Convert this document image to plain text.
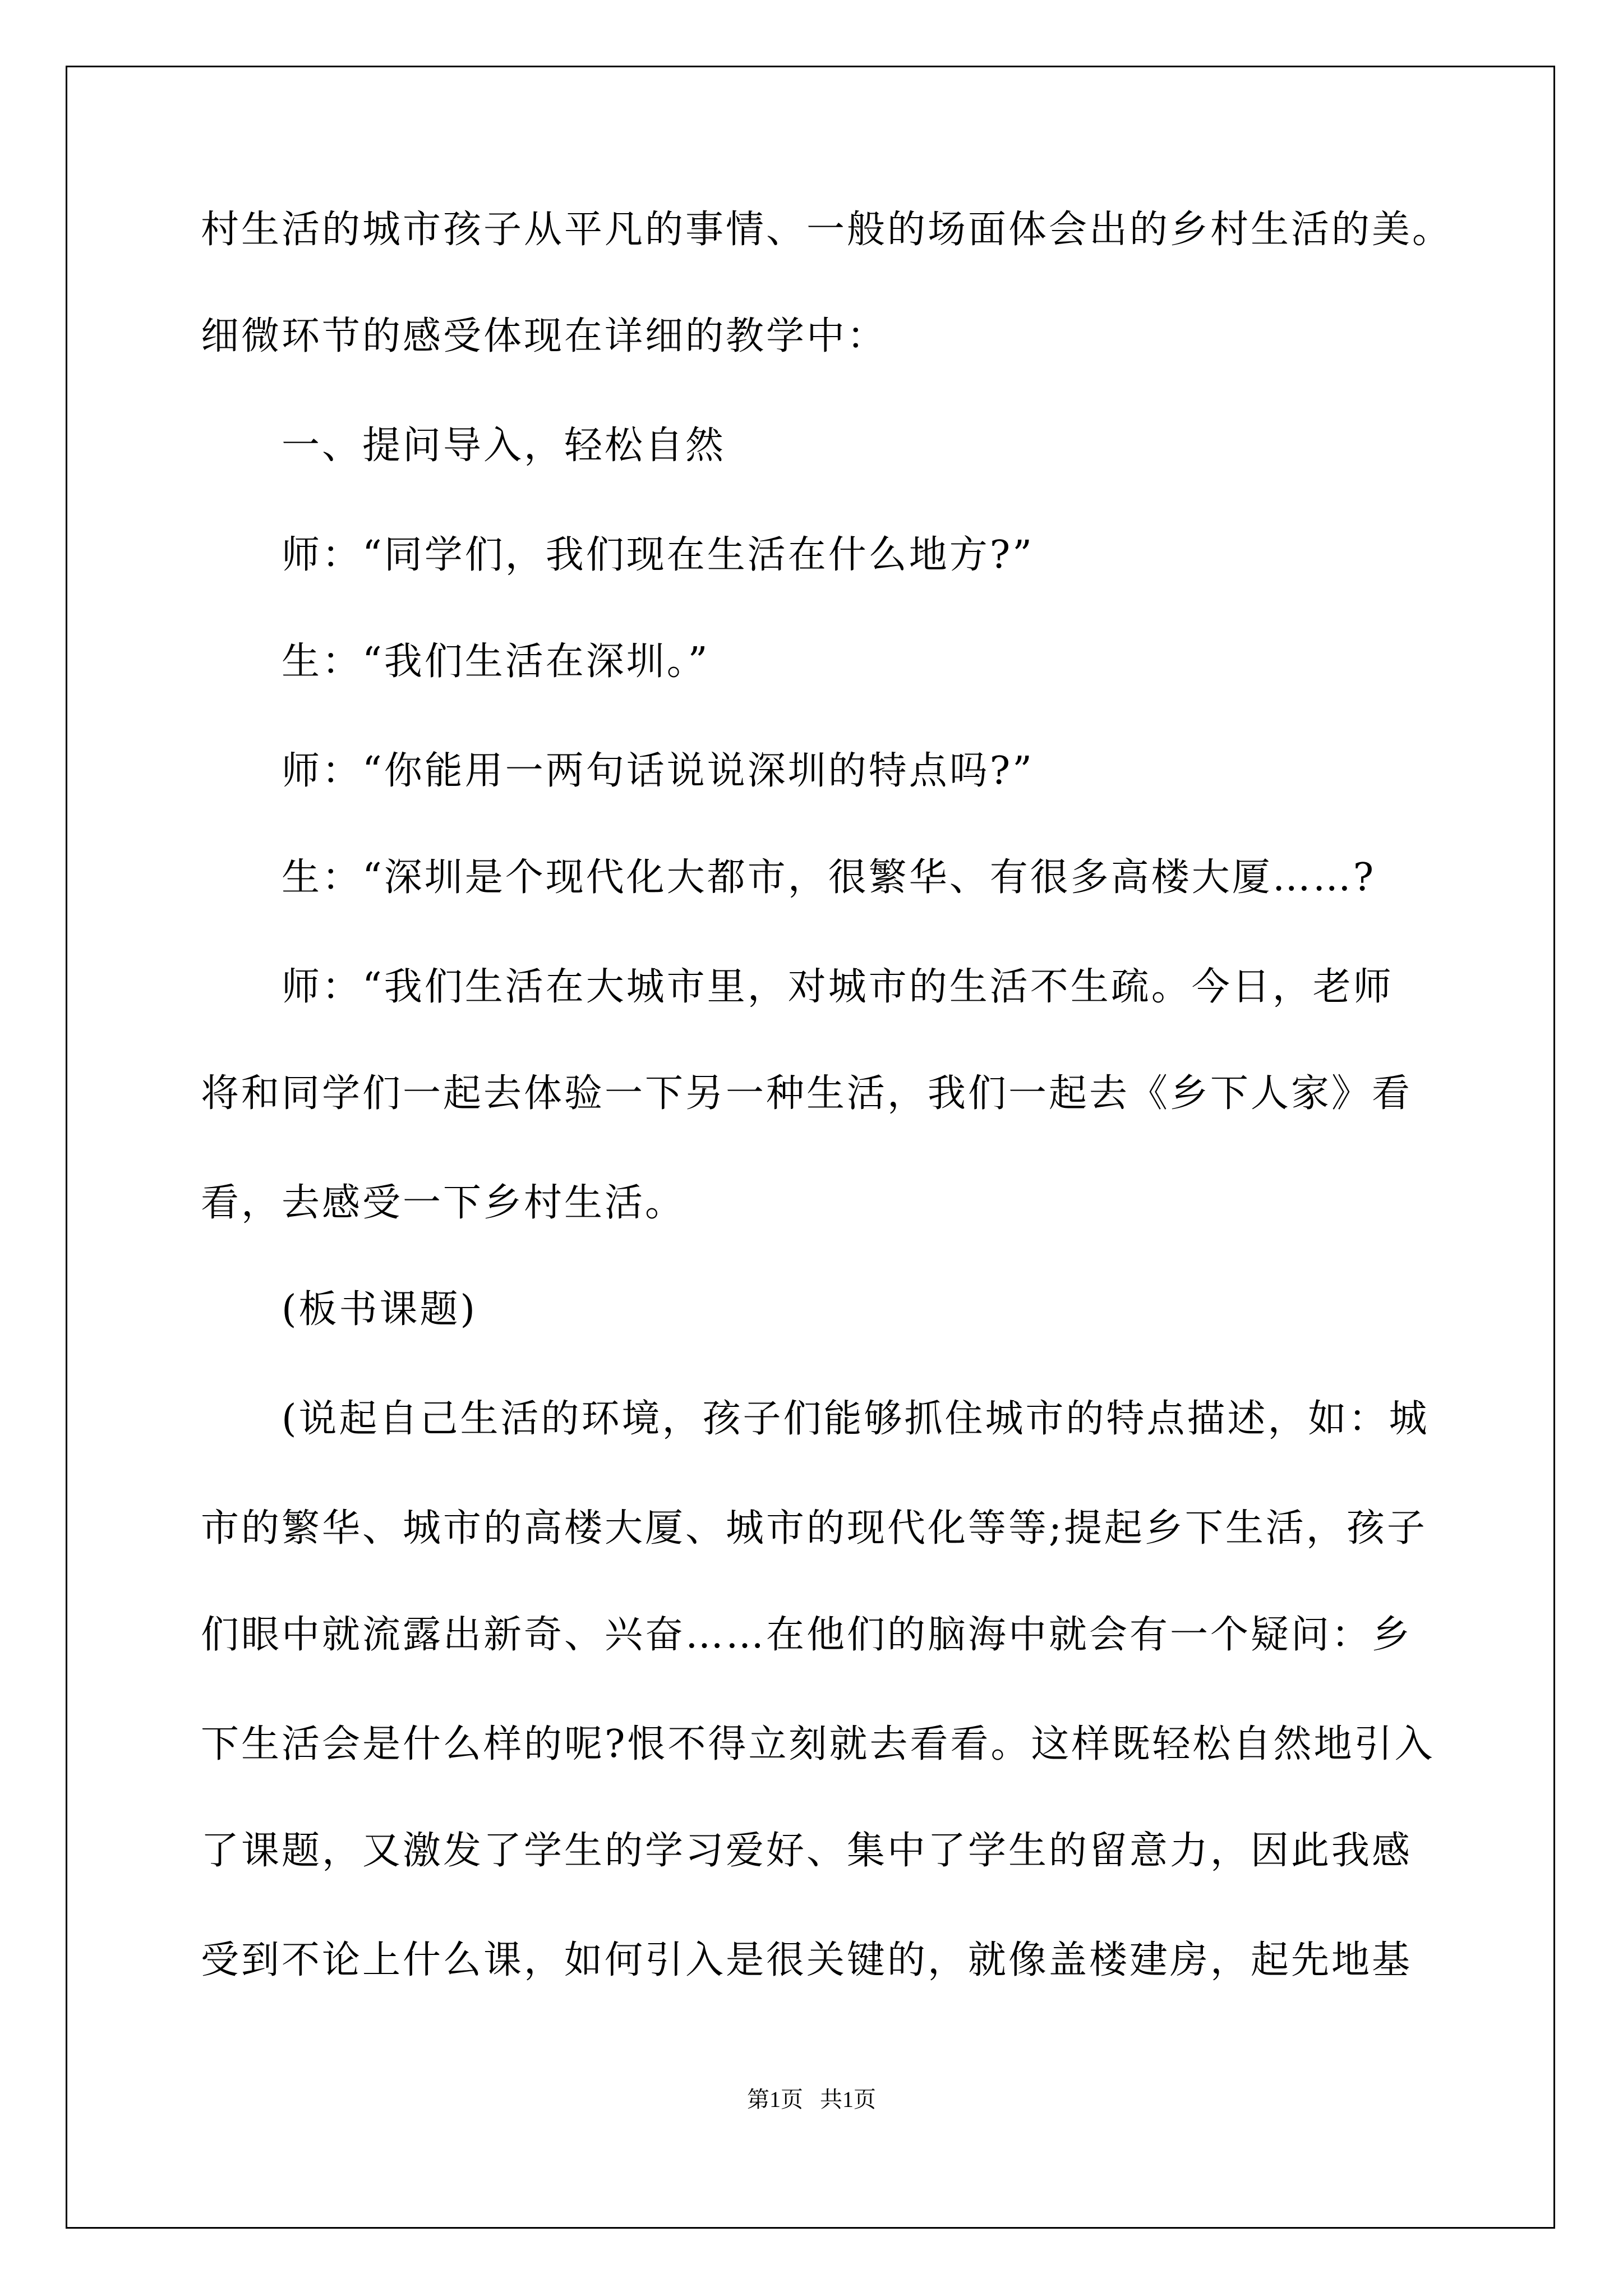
村生活的城市孩子从平凡的事情、一般的场面体会出的乡村生活的美。
细微环节的感受体现在详细的教学中：
　　一、提问导入，轻松自然
　　师：“同学们，我们现在生活在什么地方?”
　　生：“我们生活在深圳。”
　　师：“你能用一两句话说说深圳的特点吗?”
　　生：“深圳是个现代化大都市，很繁华、有很多高楼大厦……?
　　师：“我们生活在大城市里，对城市的生活不生疏。今日，老师
将和同学们一起去体验一下另一种生活，我们一起去《乡下人家》看
看，去感受一下乡村生活。
　　(板书课题)
　　(说起自己生活的环境，孩子们能够抓住城市的特点描述，如：城
市的繁华、城市的高楼大厦、城市的现代化等等;提起乡下生活，孩子
们眼中就流露出新奇、兴奋……在他们的脑海中就会有一个疑问：乡
下生活会是什么样的呢?恨不得立刻就去看看。这样既轻松自然地引入
了课题，又激发了学生的学习爱好、集中了学生的留意力，因此我感
受到不论上什么课，如何引入是很关键的，就像盖楼建房，起先地基
第1页   共1页
